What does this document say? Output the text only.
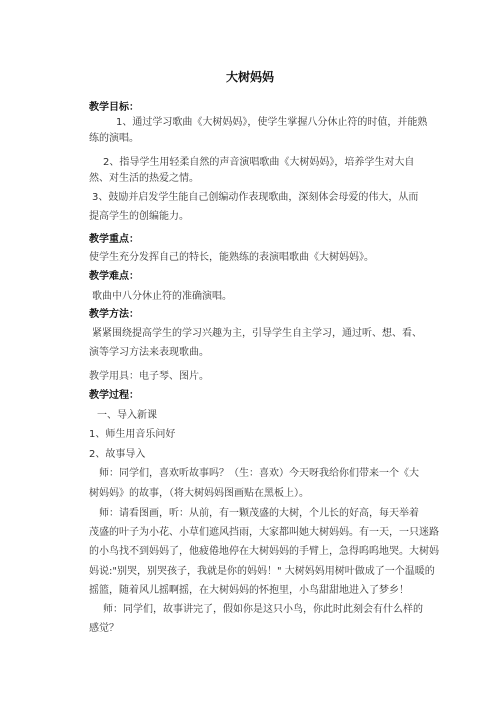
大树妈妈
教学目标：
1、通过学习歌曲《大树妈妈》，使学生掌握八分休止符的时值，并能熟
练的演唱。
2、指导学生用轻柔自然的声音演唱歌曲《大树妈妈》，培养学生对大自
然、对生活的热爱之情。
3、鼓励并启发学生能自己创编动作表现歌曲，深刻体会母爱的伟大，从而
提高学生的创编能力。
教学重点：
使学生充分发挥自己的特长，能熟练的表演唱歌曲《大树妈妈》。
教学难点：
歌曲中八分休止符的准确演唱。
教学方法：
紧紧围绕提高学生的学习兴趣为主，引导学生自主学习，通过听、想、看、
演等学习方法来表现歌曲。
教学用具：电子琴、图片。
教学过程：
一、导入新课
1、师生用音乐问好
2、故事导入
师：同学们，喜欢听故事吗？（生：喜欢）今天呀我给你们带来一个《大
树妈妈》的故事，（将大树妈妈图画贴在黑板上）。
师：请看图画，听：从前，有一颗茂盛的大树，个儿长的好高，每天举着
茂盛的叶子为小花、小草们遮风挡雨，大家都叫她大树妈妈。有一天，一只迷路
的小鸟找不到妈妈了，他疲倦地停在大树妈妈的手臂上，急得呜呜地哭。大树妈
妈说:"别哭，别哭孩子，我就是你的妈妈！" 大树妈妈用树叶做成了一个温暖的
摇篮，随着风儿摇啊摇，在大树妈妈的怀抱里，小鸟甜甜地进入了梦乡！
师：同学们，故事讲完了，假如你是这只小鸟，你此时此刻会有什么样的
感觉？
